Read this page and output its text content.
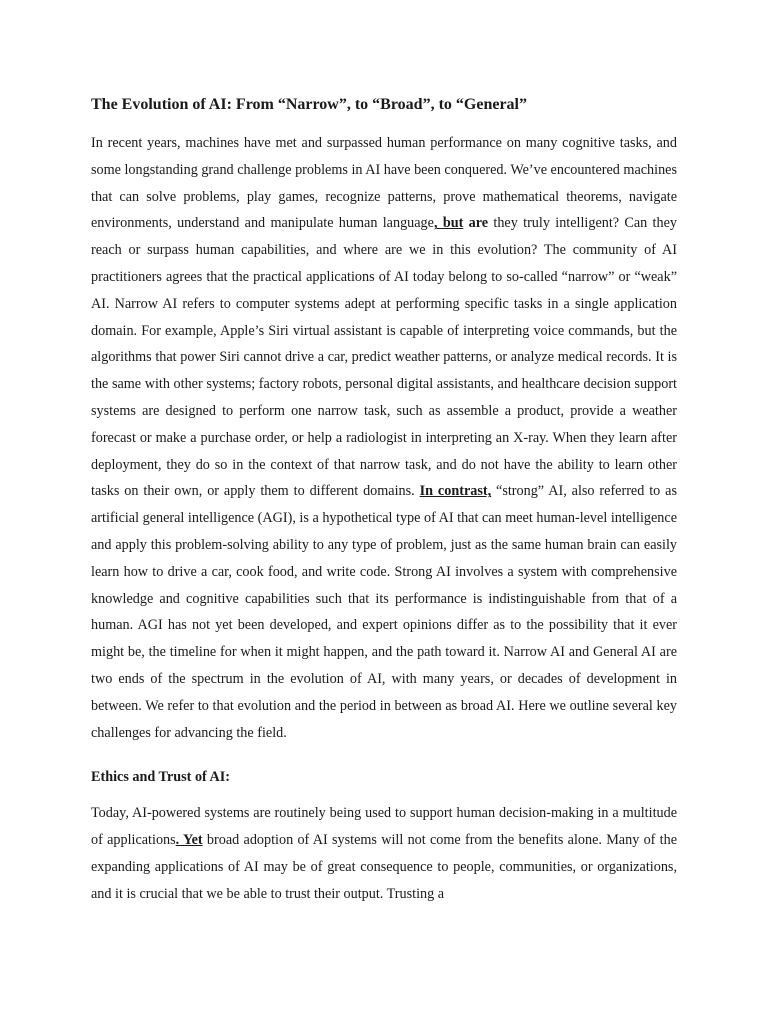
The Evolution of AI: From “Narrow”, to “Broad”, to “General”

In recent years, machines have met and surpassed human performance on many cognitive tasks, and some longstanding grand challenge problems in AI have been conquered. We’ve encountered machines that can solve problems, play games, recognize patterns, prove mathematical theorems, navigate environments, understand and manipulate human language, but are they truly intelligent? Can they reach or surpass human capabilities, and where are we in this evolution? The community of AI practitioners agrees that the practical applications of AI today belong to so-called “narrow” or “weak” AI. Narrow AI refers to computer systems adept at performing specific tasks in a single application domain. For example, Apple’s Siri virtual assistant is capable of interpreting voice commands, but the algorithms that power Siri cannot drive a car, predict weather patterns, or analyze medical records. It is the same with other systems; factory robots, personal digital assistants, and healthcare decision support systems are designed to perform one narrow task, such as assemble a product, provide a weather forecast or make a purchase order, or help a radiologist in interpreting an X-ray. When they learn after deployment, they do so in the context of that narrow task, and do not have the ability to learn other tasks on their own, or apply them to different domains. In contrast, “strong” AI, also referred to as artificial general intelligence (AGI), is a hypothetical type of AI that can meet human-level intelligence and apply this problem-solving ability to any type of problem, just as the same human brain can easily learn how to drive a car, cook food, and write code. Strong AI involves a system with comprehensive knowledge and cognitive capabilities such that its performance is indistinguishable from that of a human. AGI has not yet been developed, and expert opinions differ as to the possibility that it ever might be, the timeline for when it might happen, and the path toward it. Narrow AI and General AI are two ends of the spectrum in the evolution of AI, with many years, or decades of development in between. We refer to that evolution and the period in between as broad AI. Here we outline several key challenges for advancing the field.

Ethics and Trust of AI:

Today, AI-powered systems are routinely being used to support human decision-making in a multitude of applications. Yet broad adoption of AI systems will not come from the benefits alone. Many of the expanding applications of AI may be of great consequence to people, communities, or organizations, and it is crucial that we be able to trust their output. Trusting a
